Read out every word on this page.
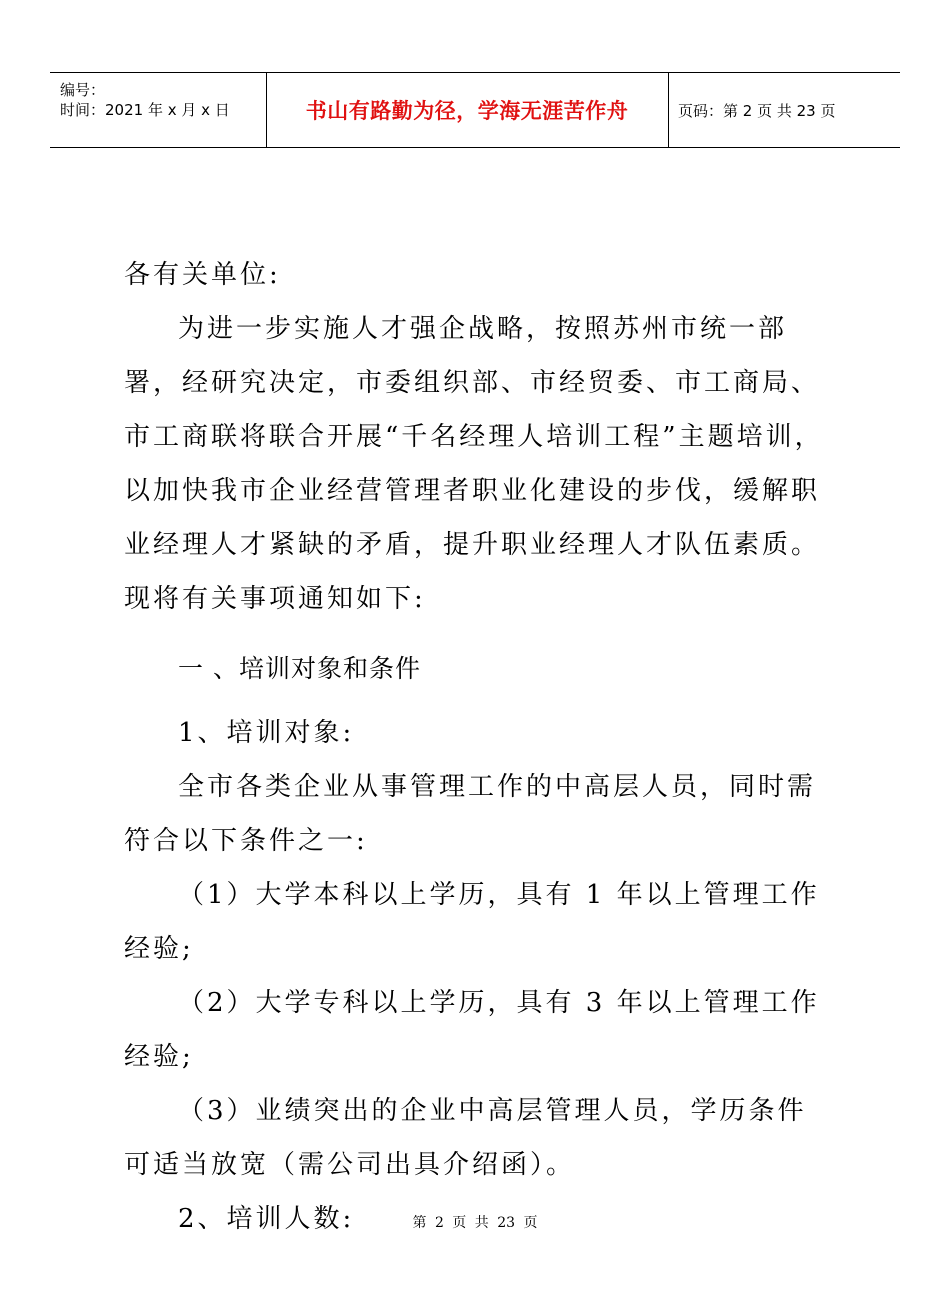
编号：
时间：2021 年 x 月 x 日	书山有路勤为径，学海无涯苦作舟	页码：第 2 页 共 23 页

各有关单位:

为进一步实施人才强企战略，按照苏州市统一部署，经研究决定，市委组织部、市经贸委、市工商局、市工商联将联合开展“千名经理人培训工程”主题培训，以加快我市企业经营管理者职业化建设的步伐，缓解职业经理人才紧缺的矛盾，提升职业经理人才队伍素质。现将有关事项通知如下:

一 、培训对象和条件

1、培训对象:

全市各类企业从事管理工作的中高层人员，同时需符合以下条件之一:

（1）大学本科以上学历，具有 1 年以上管理工作经验;

（2）大学专科以上学历，具有 3 年以上管理工作经验;

（3）业绩突出的企业中高层管理人员，学历条件可适当放宽（需公司出具介绍函）。

2、培训人数:	第 2 页 共 23 页
